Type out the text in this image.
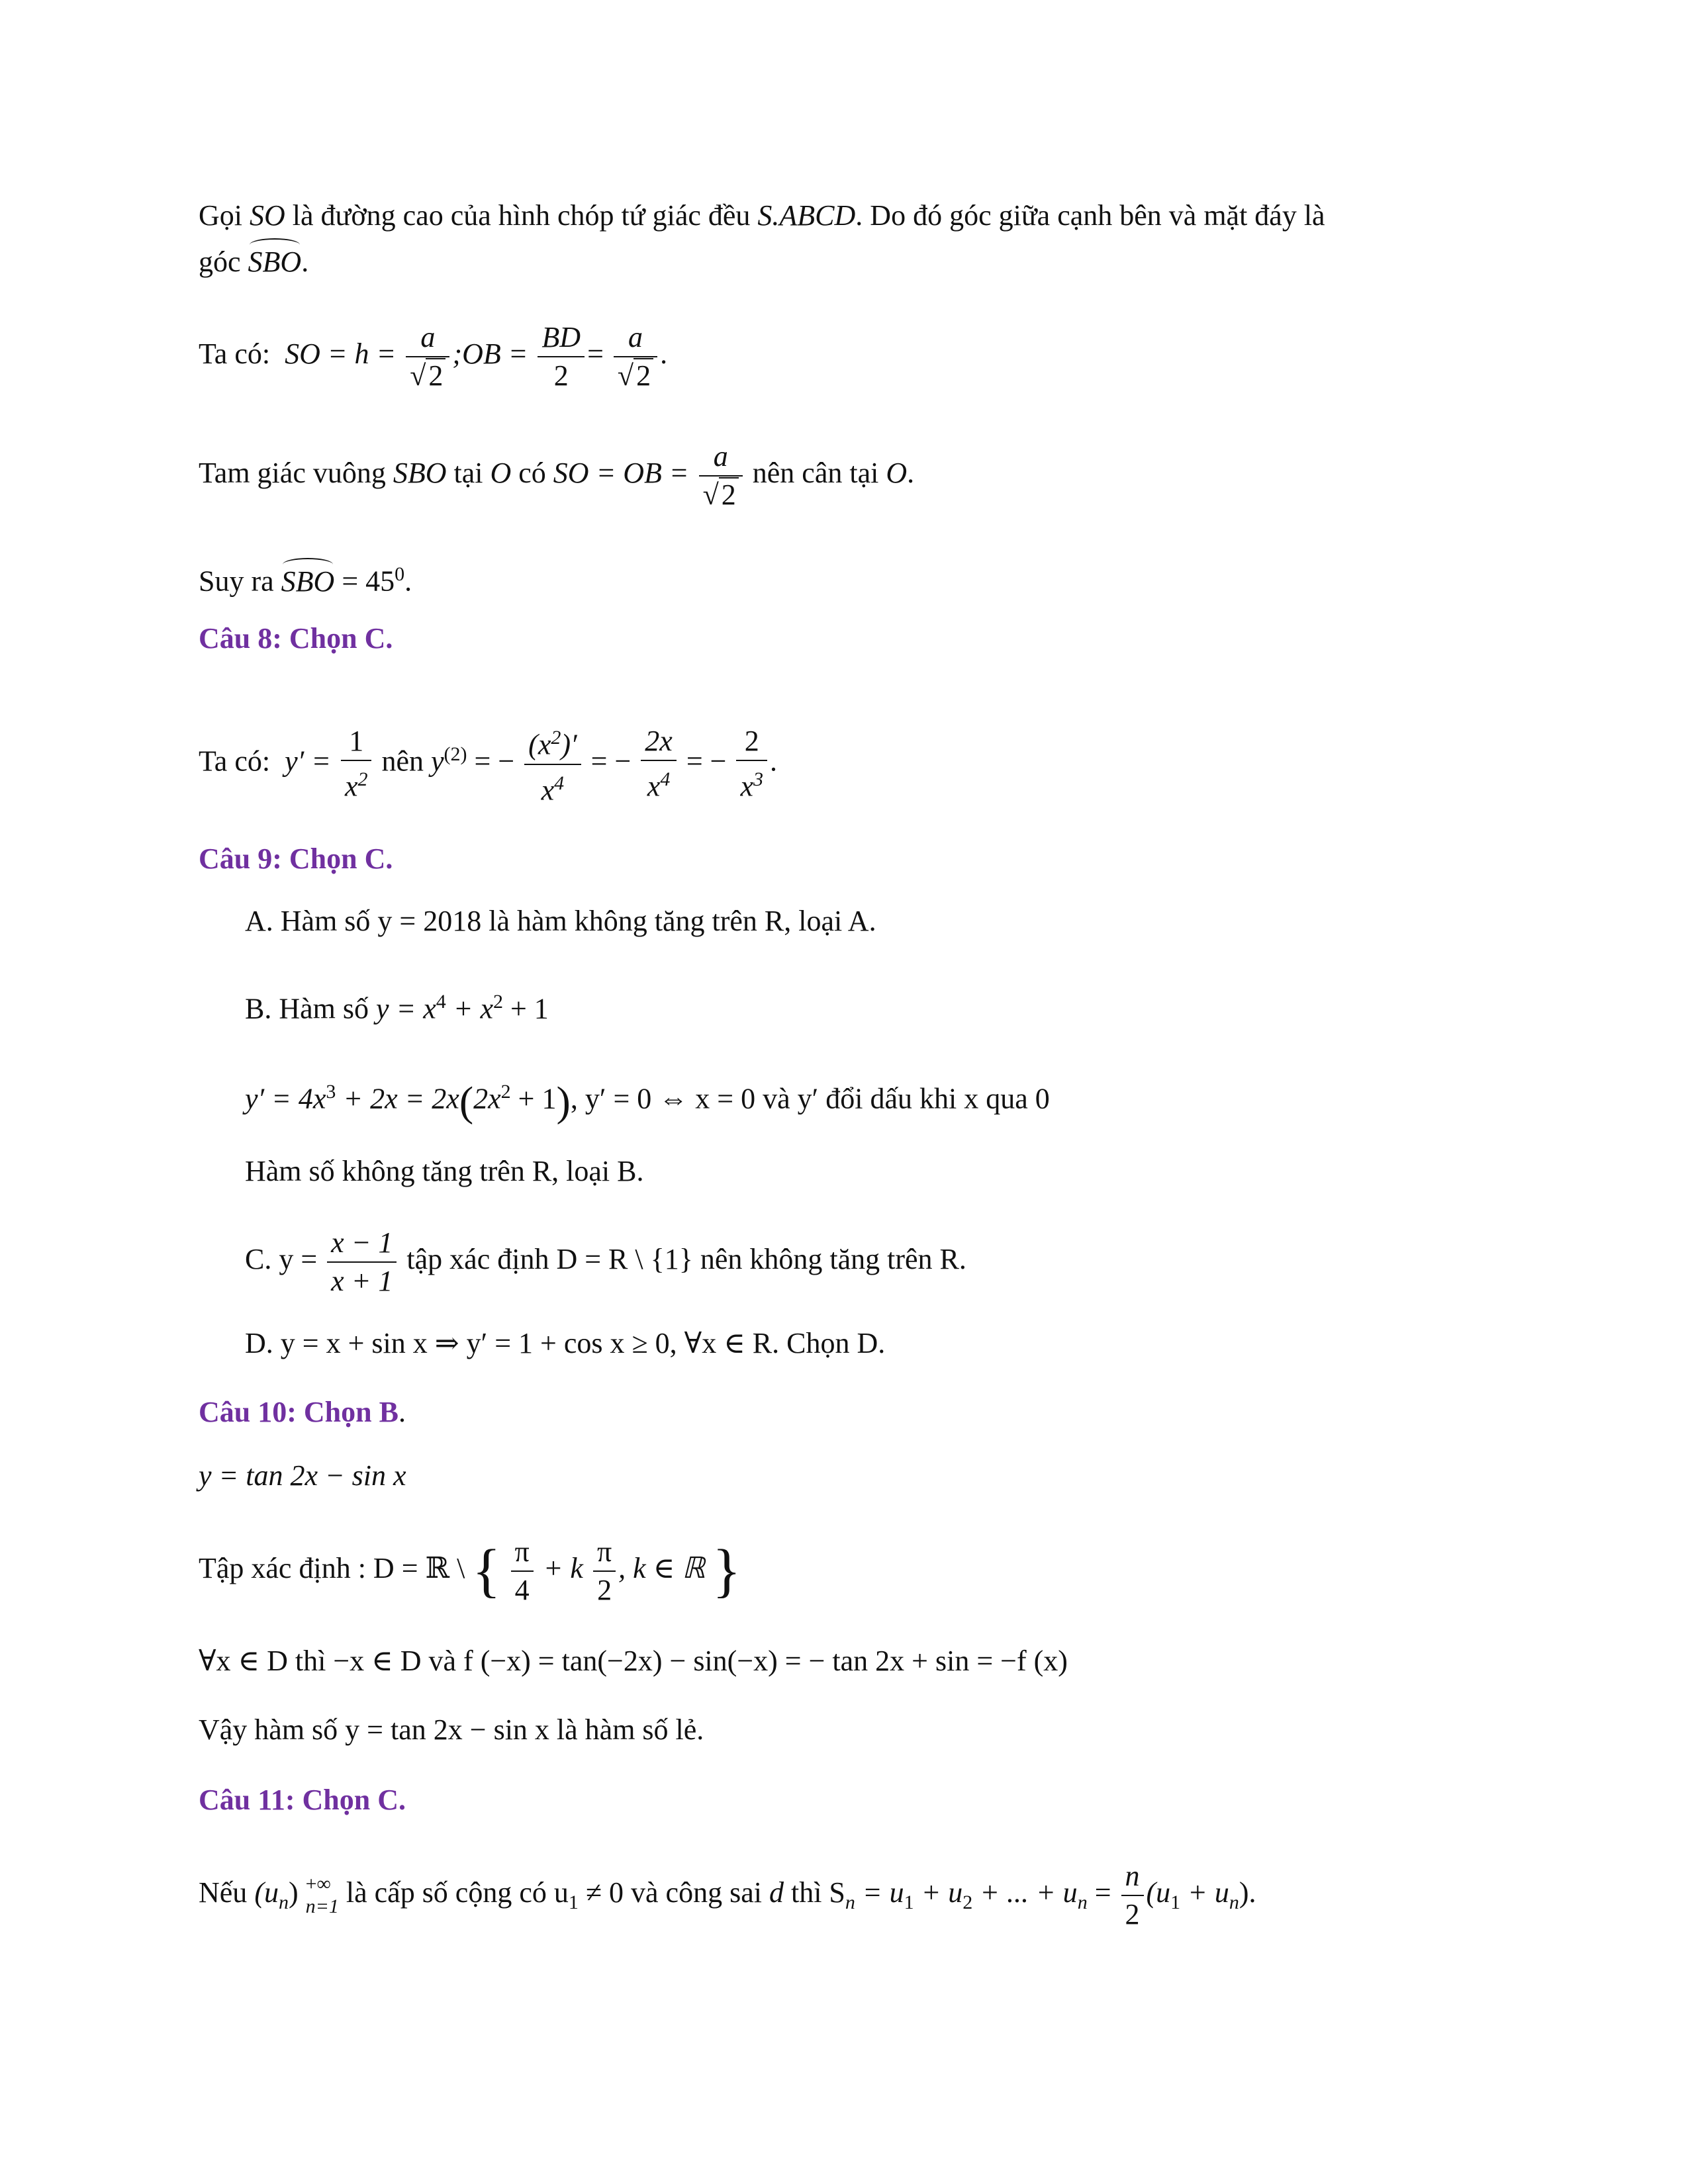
Gọi SO là đường cao của hình chóp tứ giác đều S.ABCD. Do đó góc giữa cạnh bên và mặt đáy là
góc SBO.
Ta có: SO = $h = \frac{a}{√2}$ ;OB = $\frac{BD}{2} = \frac{a}{√2}$ .
Tam giác vuông SBO tại O có SO = OB = $\frac{a}{√2}$ nên cân tại O.
Suy ra SBO = $45^0$.
Câu 8: Chọn C.
Ta có: $y' = \frac{1}{x^2}$ nên $y^{(2)}$ = − $\frac{(x^2)'}{x^4}$ = − $\frac{2x}{x^4}$ = − $\frac{2}{x^3}$ .
Câu 9: Chọn C.
A. Hàm số y = 2018 là hàm không tăng trên R, loại A.
B. Hàm số $y = x^4 + x^2 + 1$
$y' = 4x^3 + 2x = 2x(2x^2 + 1)$, y′ = 0 ⇔ x = 0 và y′ đổi dấu khi x qua 0
Hàm số không tăng trên R, loại B.
C. $y = \frac{x - 1}{x + 1}$ tập xác định D = R \ {1} nên không tăng trên R.
D. y = x + sin x ⇒ y′ = 1 + cos x ≥ 0, ∀x ∈ R. Chọn D.
Câu 10: Chọn B.
y = tan 2x − sin x
Tập xác định : D = ℝ \ { $\frac{\pi}{4} + k \frac{\pi}{2}$ , k ∈ ℝ }
∀x ∈ D thì −x ∈ D và f (−x) = tan(−2x) − sin(−x) = − tan 2x + sin = −f (x)
Vậy hàm số y = tan 2x − sin x là hàm số lẻ.
Câu 11: Chọn C.
Nếu $(u_n)$ +∞
n=1 là cấp số cộng có $u_1 \ne 0$ và công sai d thì $S_n = u_1 + u_2$ + ... + $u_n = \frac{n}{2} (u_1 + u_n)$.
